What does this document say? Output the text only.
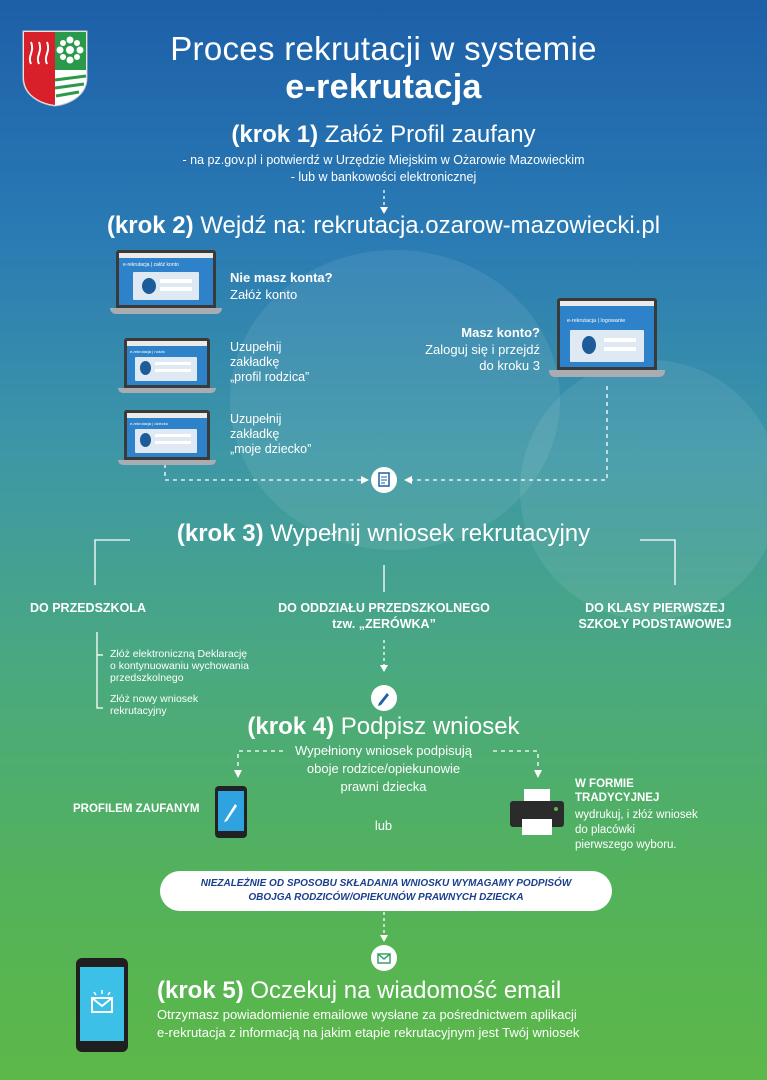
Proces rekrutacji w systemie
e-rekrutacja
(krok 1) Załóż Profil zaufany
- na pz.gov.pl i potwierdź w Urzędzie Miejskim w Ożarowie Mazowieckim
- lub w bankowości elektronicznej
(krok 2) Wejdź na: rekrutacja.ozarow-mazowiecki.pl
e-rekrutacja | załóż konto
Nie masz konta?
Załóż konto
e-rekrutacja | rodzic	Uzupełnij
zakładkę
„profil rodzica”
e-rekrutacja | dziecko	Uzupełnij
zakładkę
„moje dziecko”
e-rekrutacja | logowanie
Masz konto?
Zaloguj się i przejdź
do kroku 3
(krok 3) Wypełnij wniosek rekrutacyjny
DO PRZEDSZKOLA	DO ODDZIAŁU PRZEDSZKOLNEGO
tzw. „ZERÓWKA”
DO KLASY PIERWSZEJ
SZKOŁY PODSTAWOWEJ
Złóż elektroniczną Deklarację
o kontynuowaniu wychowania
przedszkolnego
Złóż nowy wniosek
rekrutacyjny
(krok 4) Podpisz wniosek
Wypełniony wniosek podpisują
oboje rodzice/opiekunowie
prawni dziecka
lub
PROFILEM ZAUFANYM
W FORMIE
TRADYCYJNEJ
wydrukuj, i złóż wniosek
do placówki
pierwszego wyboru.
NIEZALEŻNIE OD SPOSOBU SKŁADANIA WNIOSKU WYMAGAMY PODPISÓW
OBOJGA RODZICÓW/OPIEKUNÓW PRAWNYCH DZIECKA
(krok 5) Oczekuj na wiadomość email
Otrzymasz powiadomienie emailowe wysłane za pośrednictwem aplikacji
e-rekrutacja z informacją na jakim etapie rekrutacyjnym jest Twój wniosek
